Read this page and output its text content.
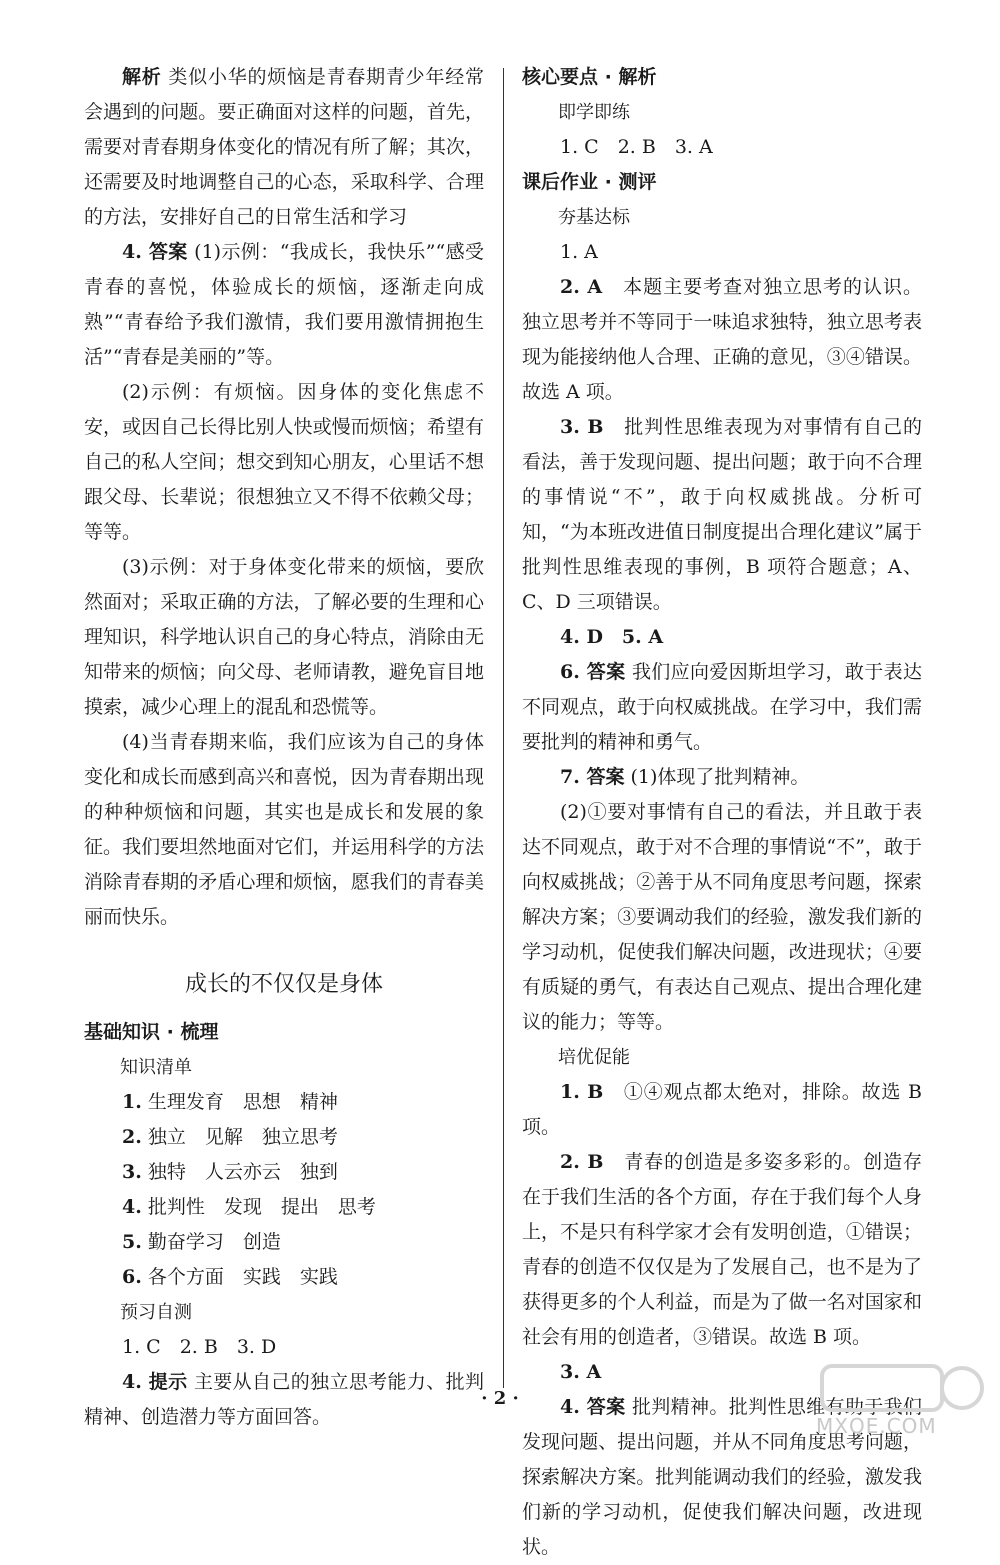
解析 类似小华的烦恼是青春期青少年经常会遇到的问题。要正确面对这样的问题，首先，需要对青春期身体变化的情况有所了解；其次，还需要及时地调整自己的心态，采取科学、合理的方法，安排好自己的日常生活和学习

4. 答案 (1)示例：“我成长，我快乐”“感受青春的喜悦，体验成长的烦恼，逐渐走向成熟”“青春给予我们激情，我们要用激情拥抱生活”“青春是美丽的”等。

(2)示例：有烦恼。因身体的变化焦虑不安，或因自己长得比别人快或慢而烦恼；希望有自己的私人空间；想交到知心朋友，心里话不想跟父母、长辈说；很想独立又不得不依赖父母；等等。

(3)示例：对于身体变化带来的烦恼，要欣然面对；采取正确的方法，了解必要的生理和心理知识，科学地认识自己的身心特点，消除由无知带来的烦恼；向父母、老师请教，避免盲目地摸索，减少心理上的混乱和恐慌等。

(4)当青春期来临，我们应该为自己的身体变化和成长而感到高兴和喜悦，因为青春期出现的种种烦恼和问题，其实也是成长和发展的象征。我们要坦然地面对它们，并运用科学的方法消除青春期的矛盾心理和烦恼，愿我们的青春美丽而快乐。

成长的不仅仅是身体
基础知识 · 梳理
知识清单

1. 生理发育　思想　精神

2. 独立　见解　独立思考

3. 独特　人云亦云　独到

4. 批判性　发现　提出　思考

5. 勤奋学习　创造

6. 各个方面　实践　实践

预习自测

1. C　2. B　3. D

4. 提示 主要从自己的独立思考能力、批判精神、创造潜力等方面回答。

核心要点 · 解析
即学即练

1. C　2. B　3. A

课后作业 · 测评
夯基达标

1. A

2. A　 本题主要考查对独立思考的认识。独立思考并不等同于一味追求独特，独立思考表现为能接纳他人合理、正确的意见，③④错误。故选 A 项。

3. B　 批判性思维表现为对事情有自己的看法，善于发现问题、提出问题；敢于向不合理的事情说“不”，敢于向权威挑战。分析可知，“为本班改进值日制度提出合理化建议”属于批判性思维表现的事例，B 项符合题意；A、C、D 三项错误。

4. D　5. A

6. 答案 我们应向爱因斯坦学习，敢于表达不同观点，敢于向权威挑战。在学习中，我们需要批判的精神和勇气。

7. 答案 (1)体现了批判精神。

(2)①要对事情有自己的看法，并且敢于表达不同观点，敢于对不合理的事情说“不”，敢于向权威挑战；②善于从不同角度思考问题，探索解决方案；③要调动我们的经验，激发我们新的学习动机，促使我们解决问题，改进现状；④要有质疑的勇气，有表达自己观点、提出合理化建议的能力；等等。

培优促能

1. B　 ①④观点都太绝对，排除。故选 B 项。

2. B　 青春的创造是多姿多彩的。创造存在于我们生活的各个方面，存在于我们每个人身上，不是只有科学家才会有发明创造，①错误；青春的创造不仅仅是为了发展自己，也不是为了获得更多的个人利益，而是为了做一名对国家和社会有用的创造者，③错误。故选 B 项。

3. A

4. 答案 批判精神。批判性思维有助于我们发现问题、提出问题，并从不同角度思考问题，探索解决方案。批判能调动我们的经验，激发我们新的学习动机，促使我们解决问题，改进现状。

· 2 ·
MXQE.COM
